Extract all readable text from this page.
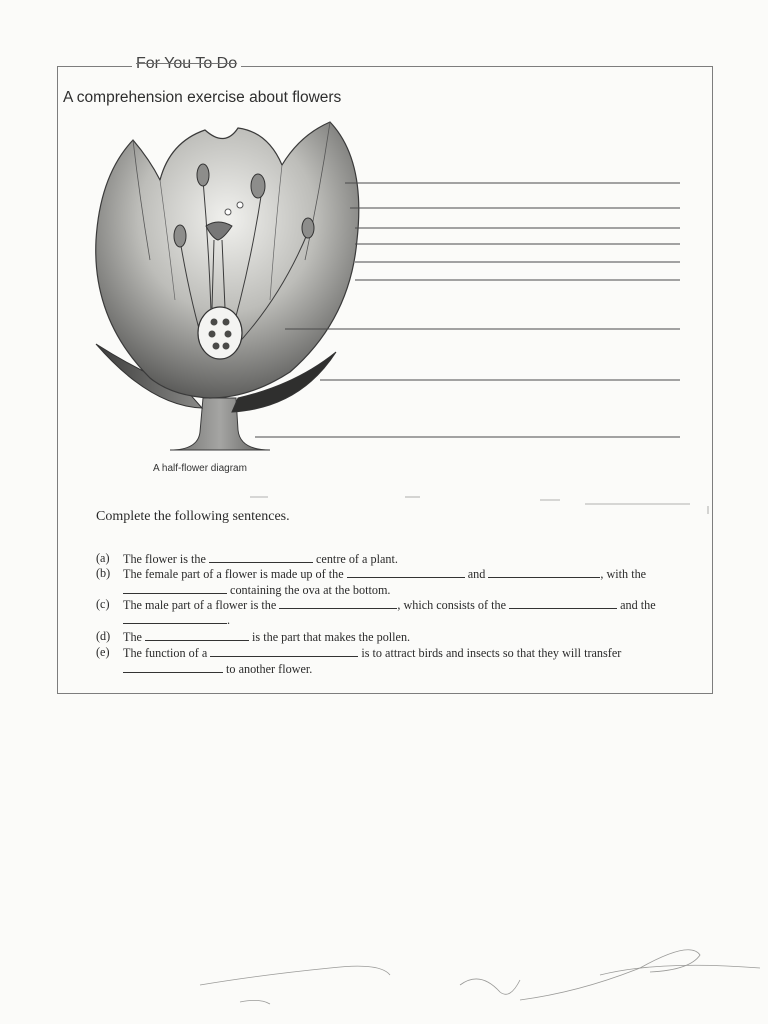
For You To Do
A comprehension exercise about flowers
A half-flower diagram
Complete the following sentences.
(a) The flower is the	centre of a plant.
(b) The female part of a flower is made up of the	and	, with the
containing the ova at the bottom.
(c) The male part of a flower is the	, which consists of the	and the
.
(d) The	is the part that makes the pollen.
(e) The function of a	is to attract birds and insects so that they will transfer
to another flower.
